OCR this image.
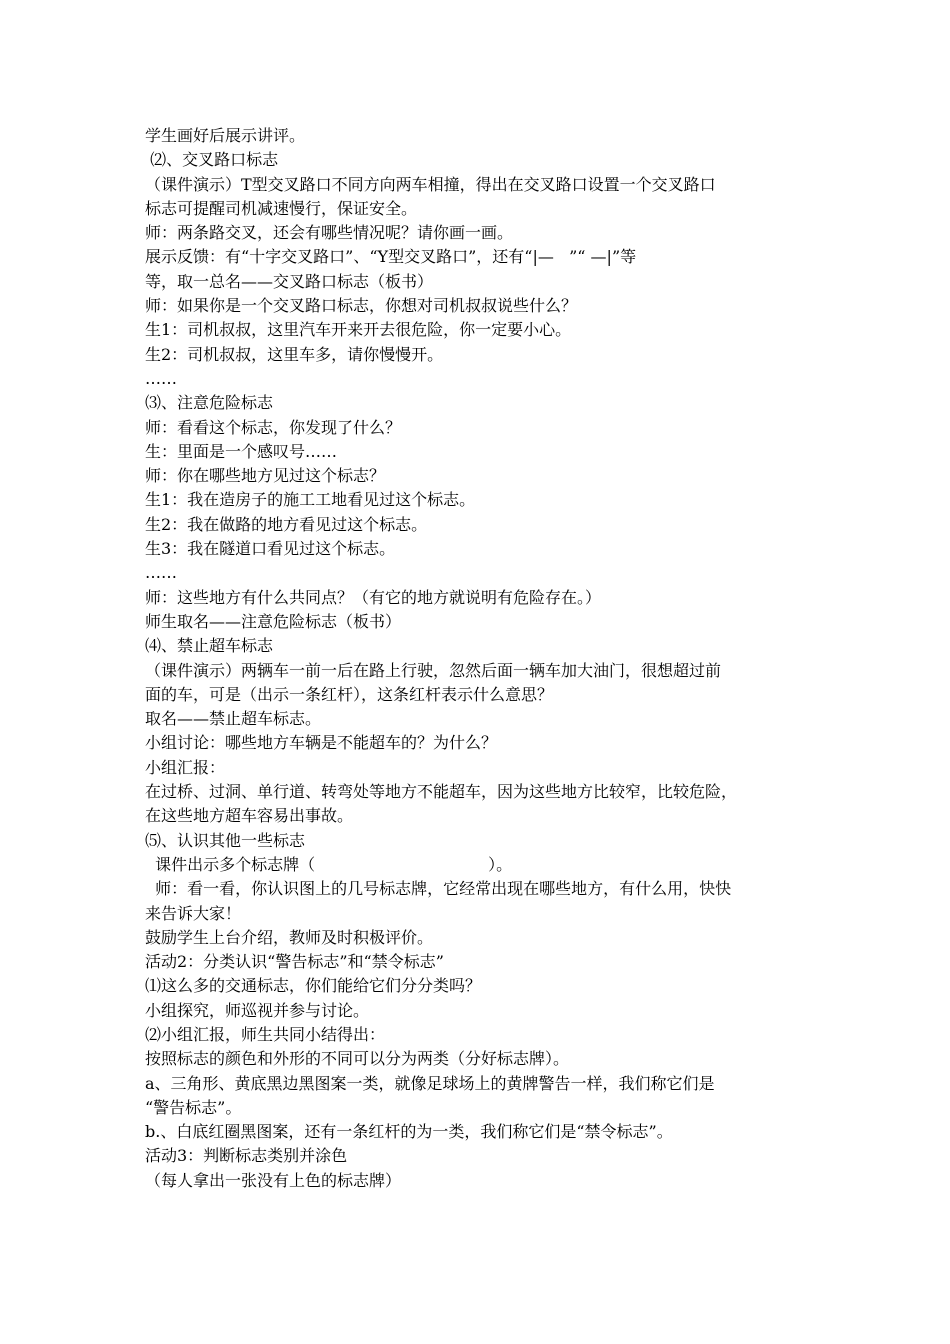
学生画好后展示讲评。
⑵、交叉路口标志
（课件演示）T型交叉路口不同方向两车相撞，得出在交叉路口设置一个交叉路口
标志可提醒司机减速慢行，保证安全。
师：两条路交叉，还会有哪些情况呢？请你画一画。
展示反馈：有“十字交叉路口”、“Y型交叉路口”，还有“|—   ”“ —|”等
等，取一总名——交叉路口标志（板书）
师：如果你是一个交叉路口标志，你想对司机叔叔说些什么？
生1：司机叔叔，这里汽车开来开去很危险，你一定要小心。
生2：司机叔叔，这里车多，请你慢慢开。
……
⑶、注意危险标志
师：看看这个标志，你发现了什么？
生：里面是一个感叹号……
师：你在哪些地方见过这个标志？
生1：我在造房子的施工工地看见过这个标志。
生2：我在做路的地方看见过这个标志。
生3：我在隧道口看见过这个标志。
……
师：这些地方有什么共同点？（有它的地方就说明有危险存在。）
师生取名——注意危险标志（板书）
⑷、禁止超车标志
（课件演示）两辆车一前一后在路上行驶，忽然后面一辆车加大油门，很想超过前
面的车，可是（出示一条红杆），这条红杆表示什么意思？
取名——禁止超车标志。
小组讨论：哪些地方车辆是不能超车的？为什么？
小组汇报：
在过桥、过洞、单行道、转弯处等地方不能超车，因为这些地方比较窄，比较危险，
在这些地方超车容易出事故。
⑸、认识其他一些标志
课件出示多个标志牌（                                  ）。
师：看一看，你认识图上的几号标志牌，它经常出现在哪些地方，有什么用，快快
来告诉大家！
鼓励学生上台介绍，教师及时积极评价。
活动2：分类认识“警告标志”和“禁令标志”
⑴这么多的交通标志，你们能给它们分分类吗？
小组探究，师巡视并参与讨论。
⑵小组汇报，师生共同小结得出：
按照标志的颜色和外形的不同可以分为两类（分好标志牌）。
a、三角形、黄底黑边黑图案一类，就像足球场上的黄牌警告一样，我们称它们是
“警告标志”。
b.、白底红圈黑图案，还有一条红杆的为一类，我们称它们是“禁令标志”。
活动3：判断标志类别并涂色
（每人拿出一张没有上色的标志牌）
